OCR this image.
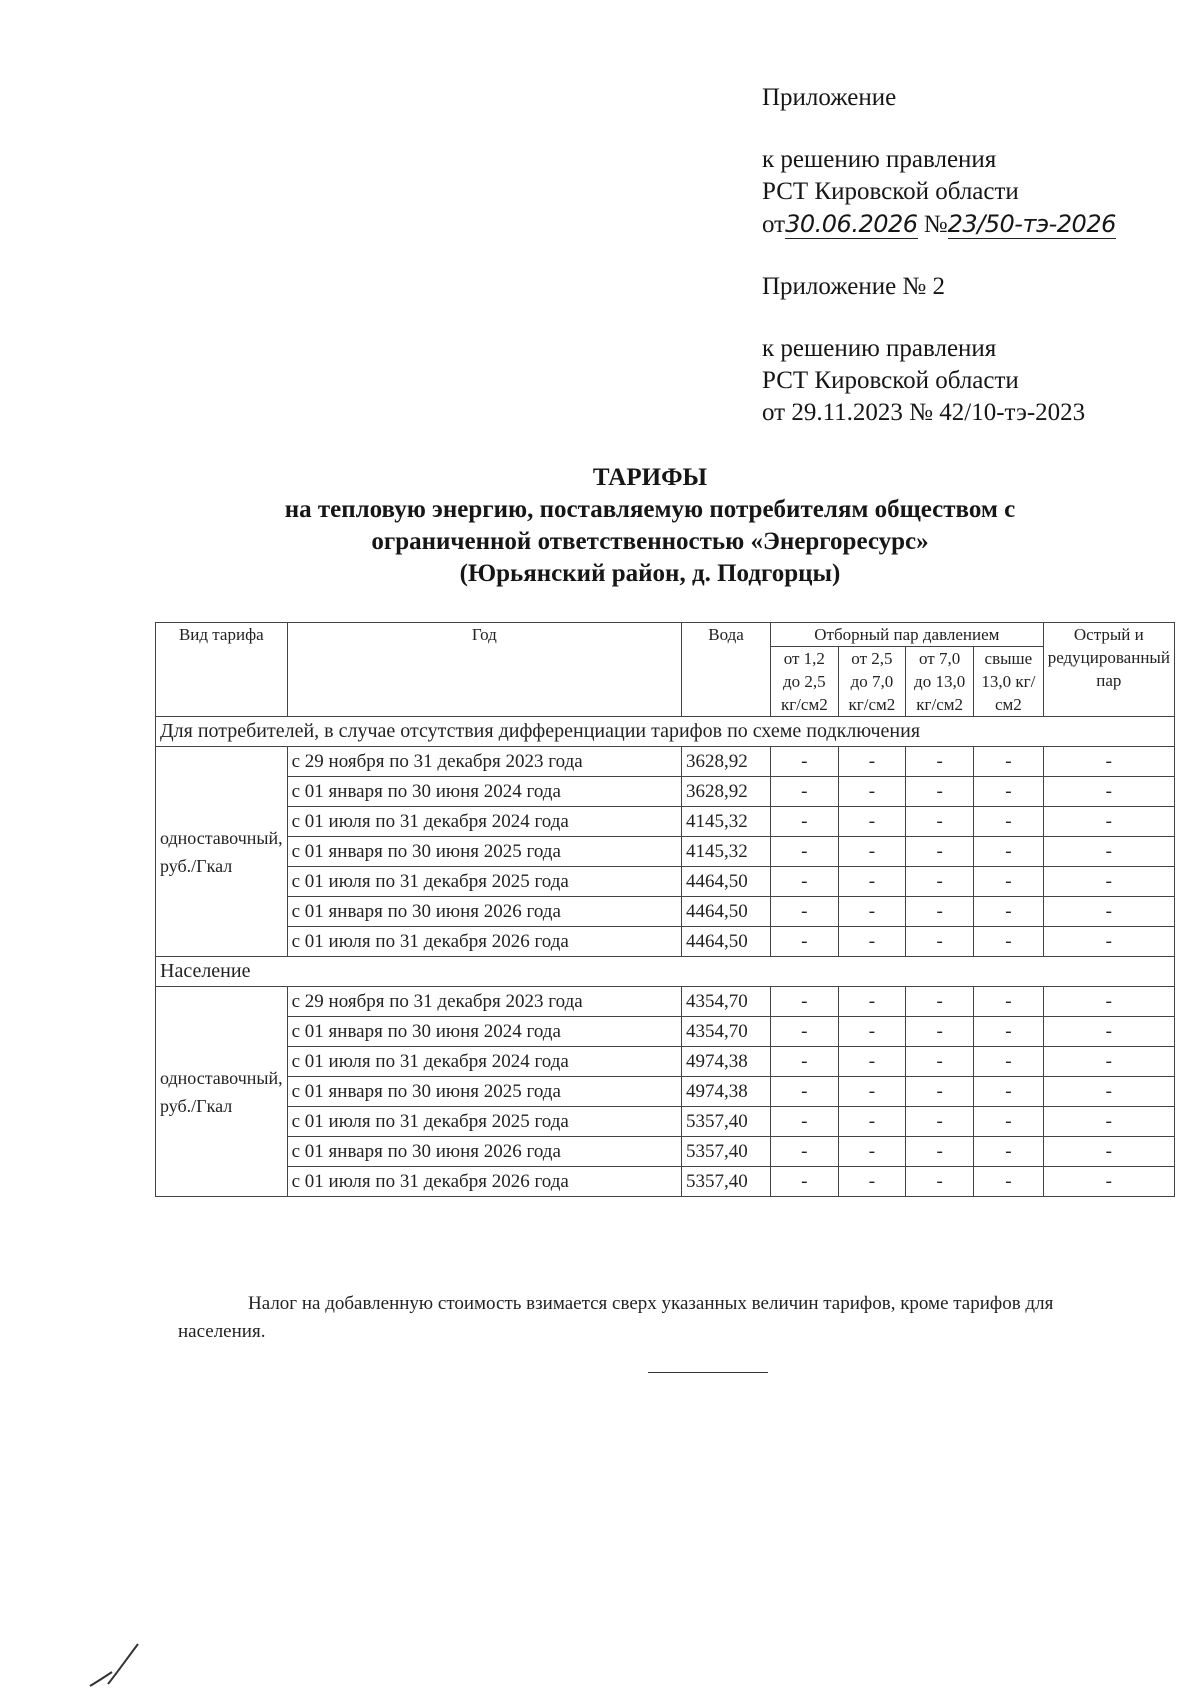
Приложение

к решению правления

РСТ Кировской области

от30.06.2026 №23/50-тэ-2026

Приложение № 2

к решению правления

РСТ Кировской области

от 29.11.2023 № 42/10-тэ-2023

ТАРИФЫ

на тепловую энергию, поставляемую потребителям обществом с

ограниченной ответственностью «Энергоресурс»

(Юрьянский район, д. Подгорцы)

Вид тарифа	Год	Вода	Отборный пар давлением				Острый и редуцированный пар
			от 1,2 до 2,5 кг/см2	от 2,5 до 7,0 кг/см2	от 7,0 до 13,0 кг/см2	свыше 13,0 кг/см2	
Для потребителей, в случае отсутствия дифференциации тарифов по схеме подключения							
одноставочный, руб./Гкал	с 29 ноября по 31 декабря 2023 года	3628,92	-	-	-	-	-
	с 01 января по 30 июня 2024 года	3628,92	-	-	-	-	-
	с 01 июля по 31 декабря 2024 года	4145,32	-	-	-	-	-
	с 01 января по 30 июня 2025 года	4145,32	-	-	-	-	-
	с 01 июля по 31 декабря 2025 года	4464,50	-	-	-	-	-
	с 01 января по 30 июня 2026 года	4464,50	-	-	-	-	-
	с 01 июля по 31 декабря 2026 года	4464,50	-	-	-	-	-
Население							
одноставочный, руб./Гкал	с 29 ноября по 31 декабря 2023 года	4354,70	-	-	-	-	-
	с 01 января по 30 июня 2024 года	4354,70	-	-	-	-	-
	с 01 июля по 31 декабря 2024 года	4974,38	-	-	-	-	-
	с 01 января по 30 июня 2025 года	4974,38	-	-	-	-	-
	с 01 июля по 31 декабря 2025 года	5357,40	-	-	-	-	-
	с 01 января по 30 июня 2026 года	5357,40	-	-	-	-	-
	с 01 июля по 31 декабря 2026 года	5357,40	-	-	-	-	-

Налог на добавленную стоимость взимается сверх указанных величин тарифов, кроме тарифов для населения.
